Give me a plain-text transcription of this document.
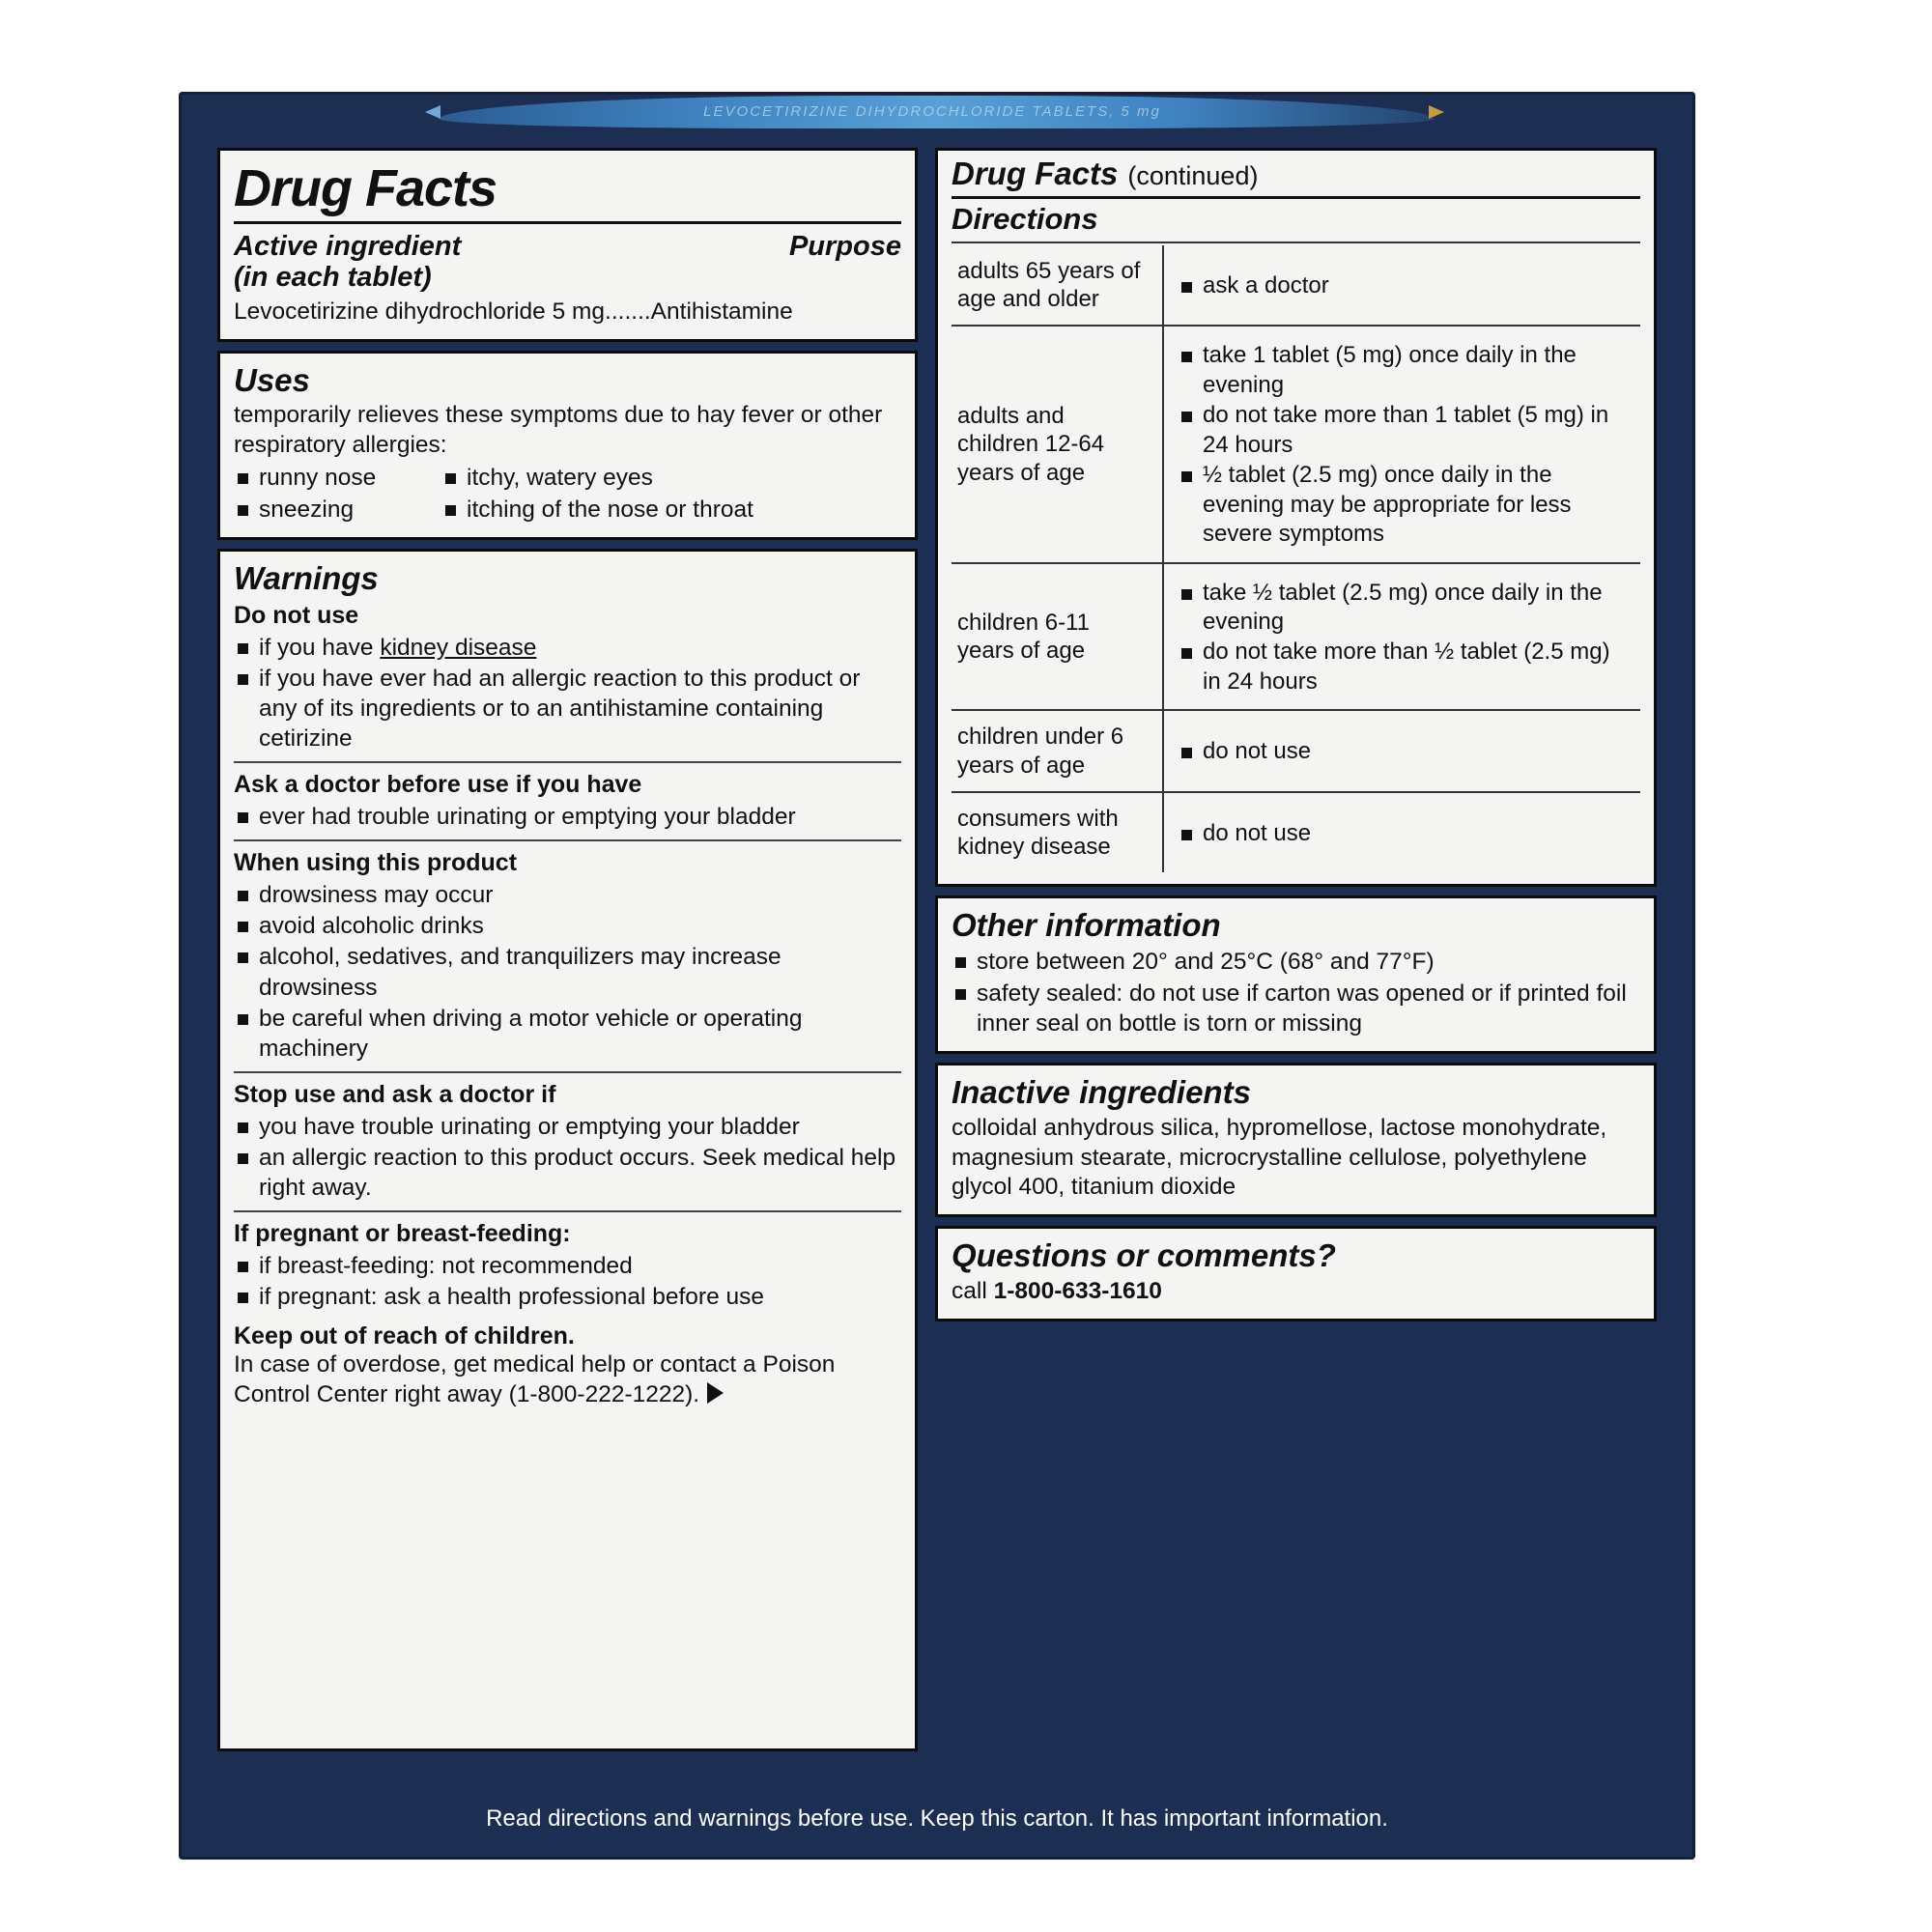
LEVOCETIRIZINE DIHYDROCHLORIDE TABLETS, 5 mg
Drug Facts
Active ingredient
(in each tablet)
Purpose
Levocetirizine dihydrochloride 5 mg.......Antihistamine
Uses
temporarily relieves these symptoms due to hay fever or other respiratory allergies:
runny nose
sneezing
itchy, watery eyes
itching of the nose or throat
Warnings
Do not use
if you have kidney disease
if you have ever had an allergic reaction to this product or any of its ingredients or to an antihistamine containing cetirizine
Ask a doctor before use if you have
ever had trouble urinating or emptying your bladder
When using this product
drowsiness may occur
avoid alcoholic drinks
alcohol, sedatives, and tranquilizers may increase drowsiness
be careful when driving a motor vehicle or operating machinery
Stop use and ask a doctor if
you have trouble urinating or emptying your bladder
an allergic reaction to this product occurs. Seek medical help right away.
If pregnant or breast-feeding:
if breast-feeding: not recommended
if pregnant: ask a health professional before use
Keep out of reach of children.
In case of overdose, get medical help or contact a Poison Control Center right away (1-800-222-1222).
Drug Facts (continued)
Directions
adults 65 years of age and older	
ask a doctor

adults and children 12-64 years of age	
take 1 tablet (5 mg) once daily in the evening
do not take more than 1 tablet (5 mg) in 24 hours
½ tablet (2.5 mg) once daily in the evening may be appropriate for less severe symptoms

children 6-11 years of age	
take ½ tablet (2.5 mg) once daily in the evening
do not take more than ½ tablet (2.5 mg) in 24 hours

children under 6 years of age	
do not use

consumers with kidney disease	
do not use
Other information
store between 20° and 25°C (68° and 77°F)
safety sealed: do not use if carton was opened or if printed foil inner seal on bottle is torn or missing
Inactive ingredients
colloidal anhydrous silica, hypromellose, lactose monohydrate, magnesium stearate, microcrystalline cellulose, polyethylene glycol 400, titanium dioxide
Questions or comments?
call 1-800-633-1610
Read directions and warnings before use. Keep this carton. It has important information.
